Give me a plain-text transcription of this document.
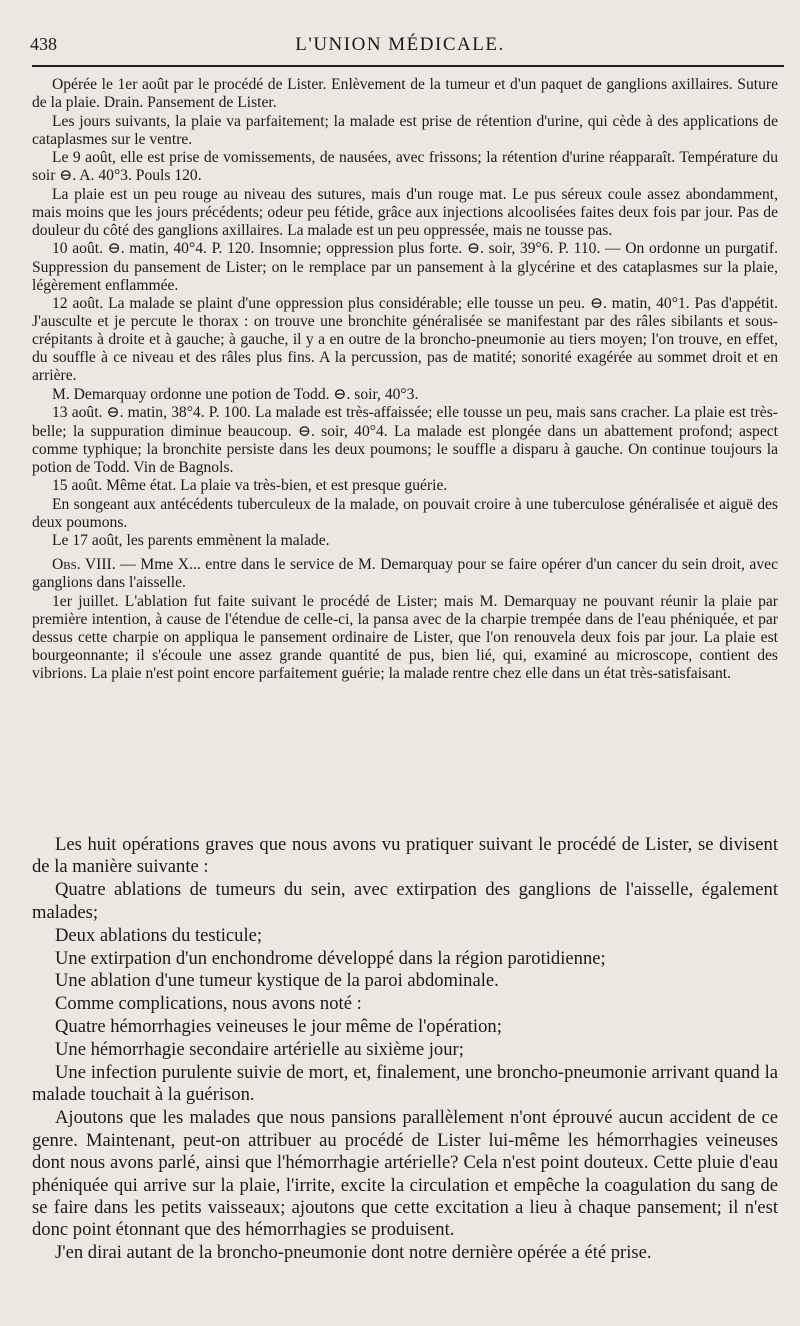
438	L'UNION MÉDICALE.

Opérée le 1er août par le procédé de Lister. Enlèvement de la tumeur et d'un paquet de ganglions axillaires. Suture de la plaie. Drain. Pansement de Lister.

Les jours suivants, la plaie va parfaitement; la malade est prise de rétention d'urine, qui cède à des applications de cataplasmes sur le ventre.

Le 9 août, elle est prise de vomissements, de nausées, avec frissons; la rétention d'urine réapparaît. Température du soir ⊖. A. 40°3. Pouls 120.

La plaie est un peu rouge au niveau des sutures, mais d'un rouge mat. Le pus séreux coule assez abondamment, mais moins que les jours précédents; odeur peu fétide, grâce aux injections alcoolisées faites deux fois par jour. Pas de douleur du côté des ganglions axillaires. La malade est un peu oppressée, mais ne tousse pas.

10 août. ⊖. matin, 40°4. P. 120. Insomnie; oppression plus forte. ⊖. soir, 39°6. P. 110. — On ordonne un purgatif. Suppression du pansement de Lister; on le remplace par un pansement à la glycérine et des cataplasmes sur la plaie, légèrement enflammée.

12 août. La malade se plaint d'une oppression plus considérable; elle tousse un peu. ⊖. matin, 40°1. Pas d'appétit. J'ausculte et je percute le thorax : on trouve une bronchite généralisée se manifestant par des râles sibilants et sous-crépitants à droite et à gauche; à gauche, il y a en outre de la broncho-pneumonie au tiers moyen; l'on trouve, en effet, du souffle à ce niveau et des râles plus fins. A la percussion, pas de matité; sonorité exagérée au sommet droit et en arrière.

M. Demarquay ordonne une potion de Todd. ⊖. soir, 40°3.

13 août. ⊖. matin, 38°4. P. 100. La malade est très-affaissée; elle tousse un peu, mais sans cracher. La plaie est très-belle; la suppuration diminue beaucoup. ⊖. soir, 40°4. La malade est plongée dans un abattement profond; aspect comme typhique; la bronchite persiste dans les deux poumons; le souffle a disparu à gauche. On continue toujours la potion de Todd. Vin de Bagnols.

15 août. Même état. La plaie va très-bien, et est presque guérie.

En songeant aux antécédents tuberculeux de la malade, on pouvait croire à une tuberculose généralisée et aiguë des deux poumons.

Le 17 août, les parents emmènent la malade.

Obs. VIII. — Mme X... entre dans le service de M. Demarquay pour se faire opérer d'un cancer du sein droit, avec ganglions dans l'aisselle.

1er juillet. L'ablation fut faite suivant le procédé de Lister; mais M. Demarquay ne pouvant réunir la plaie par première intention, à cause de l'étendue de celle-ci, la pansa avec de la charpie trempée dans de l'eau phéniquée, et par dessus cette charpie on appliqua le pansement ordinaire de Lister, que l'on renouvela deux fois par jour. La plaie est bourgeonnante; il s'écoule une assez grande quantité de pus, bien lié, qui, examiné au microscope, contient des vibrions. La plaie n'est point encore parfaitement guérie; la malade rentre chez elle dans un état très-satisfaisant.

Les huit opérations graves que nous avons vu pratiquer suivant le procédé de Lister, se divisent de la manière suivante :

Quatre ablations de tumeurs du sein, avec extirpation des ganglions de l'aisselle, également malades;

Deux ablations du testicule;

Une extirpation d'un enchondrome développé dans la région parotidienne;

Une ablation d'une tumeur kystique de la paroi abdominale.

Comme complications, nous avons noté :

Quatre hémorrhagies veineuses le jour même de l'opération;

Une hémorrhagie secondaire artérielle au sixième jour;

Une infection purulente suivie de mort, et, finalement, une broncho-pneumonie arrivant quand la malade touchait à la guérison.

Ajoutons que les malades que nous pansions parallèlement n'ont éprouvé aucun accident de ce genre. Maintenant, peut-on attribuer au procédé de Lister lui-même les hémorrhagies veineuses dont nous avons parlé, ainsi que l'hémorrhagie artérielle? Cela n'est point douteux. Cette pluie d'eau phéniquée qui arrive sur la plaie, l'irrite, excite la circulation et empêche la coagulation du sang de se faire dans les petits vaisseaux; ajoutons que cette excitation a lieu à chaque pansement; il n'est donc point étonnant que des hémorrhagies se produisent.

J'en dirai autant de la broncho-pneumonie dont notre dernière opérée a été prise.
